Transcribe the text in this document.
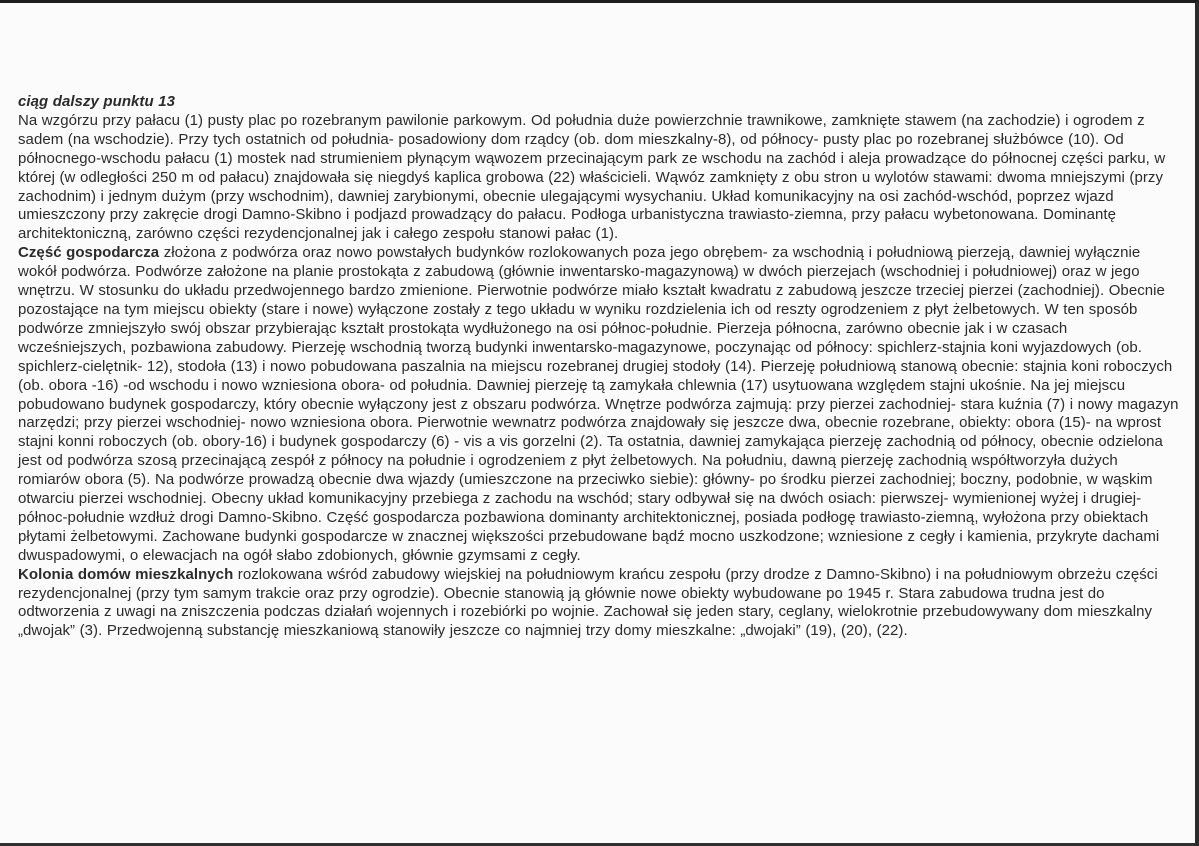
ciąg dalszy punktu 13

Na wzgórzu przy pałacu (1) pusty plac po rozebranym pawilonie parkowym. Od południa duże powierzchnie trawnikowe, zamknięte stawem (na zachodzie) i ogrodem z sadem (na wschodzie). Przy tych ostatnich od południa- posadowiony dom rządcy (ob. dom mieszkalny-8), od północy- pusty plac po rozebranej służbówce (10). Od północnego-wschodu pałacu (1) mostek nad strumieniem płynącym wąwozem przecinającym park ze wschodu na zachód i aleja prowadzące do północnej części parku, w której (w odległości 250 m od pałacu) znajdowała się niegdyś kaplica grobowa (22) właścicieli. Wąwóz zamknięty z obu stron u wylotów stawami: dwoma mniejszymi (przy zachodnim) i jednym dużym (przy wschodnim), dawniej zarybionymi, obecnie ulegającymi wysychaniu. Układ komunikacyjny na osi zachód-wschód, poprzez wjazd umieszczony przy zakręcie drogi Damno-Skibno i podjazd prowadzący do pałacu. Podłoga urbanistyczna trawiasto-ziemna, przy pałacu wybetonowana. Dominantę architektoniczną, zarówno części rezydencjonalnej jak i całego zespołu stanowi pałac (1).

Część gospodarcza złożona z podwórza oraz nowo powstałych budynków rozlokowanych poza jego obrębem- za wschodnią i południową pierzeją, dawniej wyłącznie wokół podwórza. Podwórze założone na planie prostokąta z zabudową (głównie inwentarsko-magazynową) w dwóch pierzejach (wschodniej i południowej) oraz w jego wnętrzu. W stosunku do układu przedwojennego bardzo zmienione. Pierwotnie podwórze miało kształt kwadratu z zabudową jeszcze trzeciej pierzei (zachodniej). Obecnie pozostające na tym miejscu obiekty (stare i nowe) wyłączone zostały z tego układu w wyniku rozdzielenia ich od reszty ogrodzeniem z płyt żelbetowych. W ten sposób podwórze zmniejszyło swój obszar przybierając kształt prostokąta wydłużonego na osi północ-południe. Pierzeja północna, zarówno obecnie jak i w czasach wcześniejszych, pozbawiona zabudowy. Pierzeję wschodnią tworzą budynki inwentarsko-magazynowe, poczynając od północy: spichlerz-stajnia koni wyjazdowych (ob. spichlerz-cielętnik- 12), stodoła (13) i nowo pobudowana paszalnia na miejscu rozebranej drugiej stodoły (14). Pierzeję południową stanową obecnie: stajnia koni roboczych (ob. obora -16) -od wschodu i nowo wzniesiona obora- od południa. Dawniej pierzeję tą zamykała chlewnia (17) usytuowana względem stajni ukośnie. Na jej miejscu pobudowano budynek gospodarczy, który obecnie wyłączony jest z obszaru podwórza. Wnętrze podwórza zajmują: przy pierzei zachodniej- stara kuźnia (7) i nowy magazyn narzędzi; przy pierzei wschodniej- nowo wzniesiona obora. Pierwotnie wewnatrz podwórza znajdowały się jeszcze dwa, obecnie rozebrane, obiekty: obora (15)- na wprost stajni konni roboczych (ob. obory-16) i budynek gospodarczy (6) - vis a vis gorzelni (2). Ta ostatnia, dawniej zamykająca pierzeję zachodnią od północy, obecnie odzielona jest od podwórza szosą przecinającą zespół z północy na południe i ogrodzeniem z płyt żelbetowych. Na południu, dawną pierzeję zachodnią współtworzyła dużych romiarów obora (5). Na podwórze prowadzą obecnie dwa wjazdy (umieszczone na przeciwko siebie): główny- po środku pierzei zachodniej; boczny, podobnie, w wąskim otwarciu pierzei wschodniej. Obecny układ komunikacyjny przebiega z zachodu na wschód; stary odbywał się na dwóch osiach: pierwszej- wymienionej wyżej i drugiej- północ-południe wzdłuż drogi Damno-Skibno. Część gospodarcza pozbawiona dominanty architektonicznej, posiada podłogę trawiasto-ziemną, wyłożona przy obiektach płytami żelbetowymi. Zachowane budynki gospodarcze w znacznej większości przebudowane bądź mocno uszkodzone; wzniesione z cegły i kamienia, przykryte dachami dwuspadowymi, o elewacjach na ogół słabo zdobionych, głównie gzymsami z cegły.

Kolonia domów mieszkalnych rozlokowana wśród zabudowy wiejskiej na południowym krańcu zespołu (przy drodze z Damno-Skibno) i na południowym obrzeżu części rezydencjonalnej (przy tym samym trakcie oraz przy ogrodzie). Obecnie stanowią ją głównie nowe obiekty wybudowane po 1945 r. Stara zabudowa trudna jest do odtworzenia z uwagi na zniszczenia podczas działań wojennych i rozebiórki po wojnie. Zachował się jeden stary, ceglany, wielokrotnie przebudowywany dom mieszkalny „dwojak” (3). Przedwojenną substancję mieszkaniową stanowiły jeszcze co najmniej trzy domy mieszkalne: „dwojaki” (19), (20), (22).
